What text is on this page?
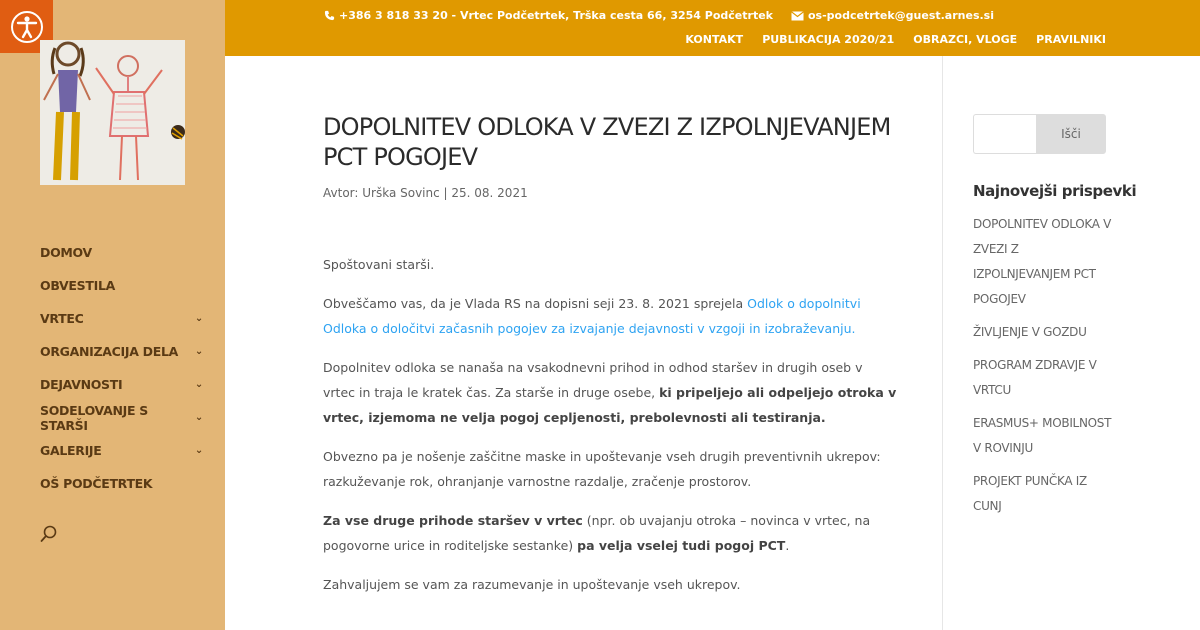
DOMOV
OBVESTILA
VRTEC	⌄
ORGANIZACIJA DELA ⌄
DEJAVNOSTI	⌄
SODELOVANJE S STARŠI	⌄
GALERIJE	⌄
OŠ PODČETRTEK
+386 3 818 33 20 - Vrtec Podčetrtek, Trška cesta 66, 3254 Podčetrtek	os-podcetrtek@guest.arnes.si
KONTAKT PUBLIKACIJA 2020/21 OBRAZCI, VLOGE PRAVILNIKI
DOPOLNITEV ODLOKA V ZVEZI Z IZPOLNJEVANJEM PCT POGOJEV
Avtor: Urška Sovinc | 25. 08. 2021

Spoštovani starši.

Obveščamo vas, da je Vlada RS na dopisni seji 23. 8. 2021 sprejela Odlok o dopolnitvi Odloka o določitvi začasnih pogojev za izvajanje dejavnosti v vzgoji in izobraževanju.

Dopolnitev odloka se nanaša na vsakodnevni prihod in odhod staršev in drugih oseb v vrtec in traja le kratek čas. Za starše in druge osebe, ki pripeljejo ali odpeljejo otroka v vrtec, izjemoma ne velja pogoj cepljenosti, prebolevnosti ali testiranja.

Obvezno pa je nošenje zaščitne maske in upoštevanje vseh drugih preventivnih ukrepov: razkuževanje rok, ohranjanje varnostne razdalje, zračenje prostorov.

Za vse druge prihode staršev v vrtec (npr. ob uvajanju otroka – novinca v vrtec, na pogovorne urice in roditeljske sestanke) pa velja vselej tudi pogoj PCT.

Zahvaljujem se vam za razumevanje in upoštevanje vseh ukrepov.

Išči
Najnovejši prispevki
DOPOLNITEV ODLOKA V ZVEZI Z IZPOLNJEVANJEM PCT POGOJEV
ŽIVLJENJE V GOZDU
PROGRAM ZDRAVJE V VRTCU
ERASMUS+ MOBILNOST V ROVINJU
PROJEKT PUNČKA IZ CUNJ
